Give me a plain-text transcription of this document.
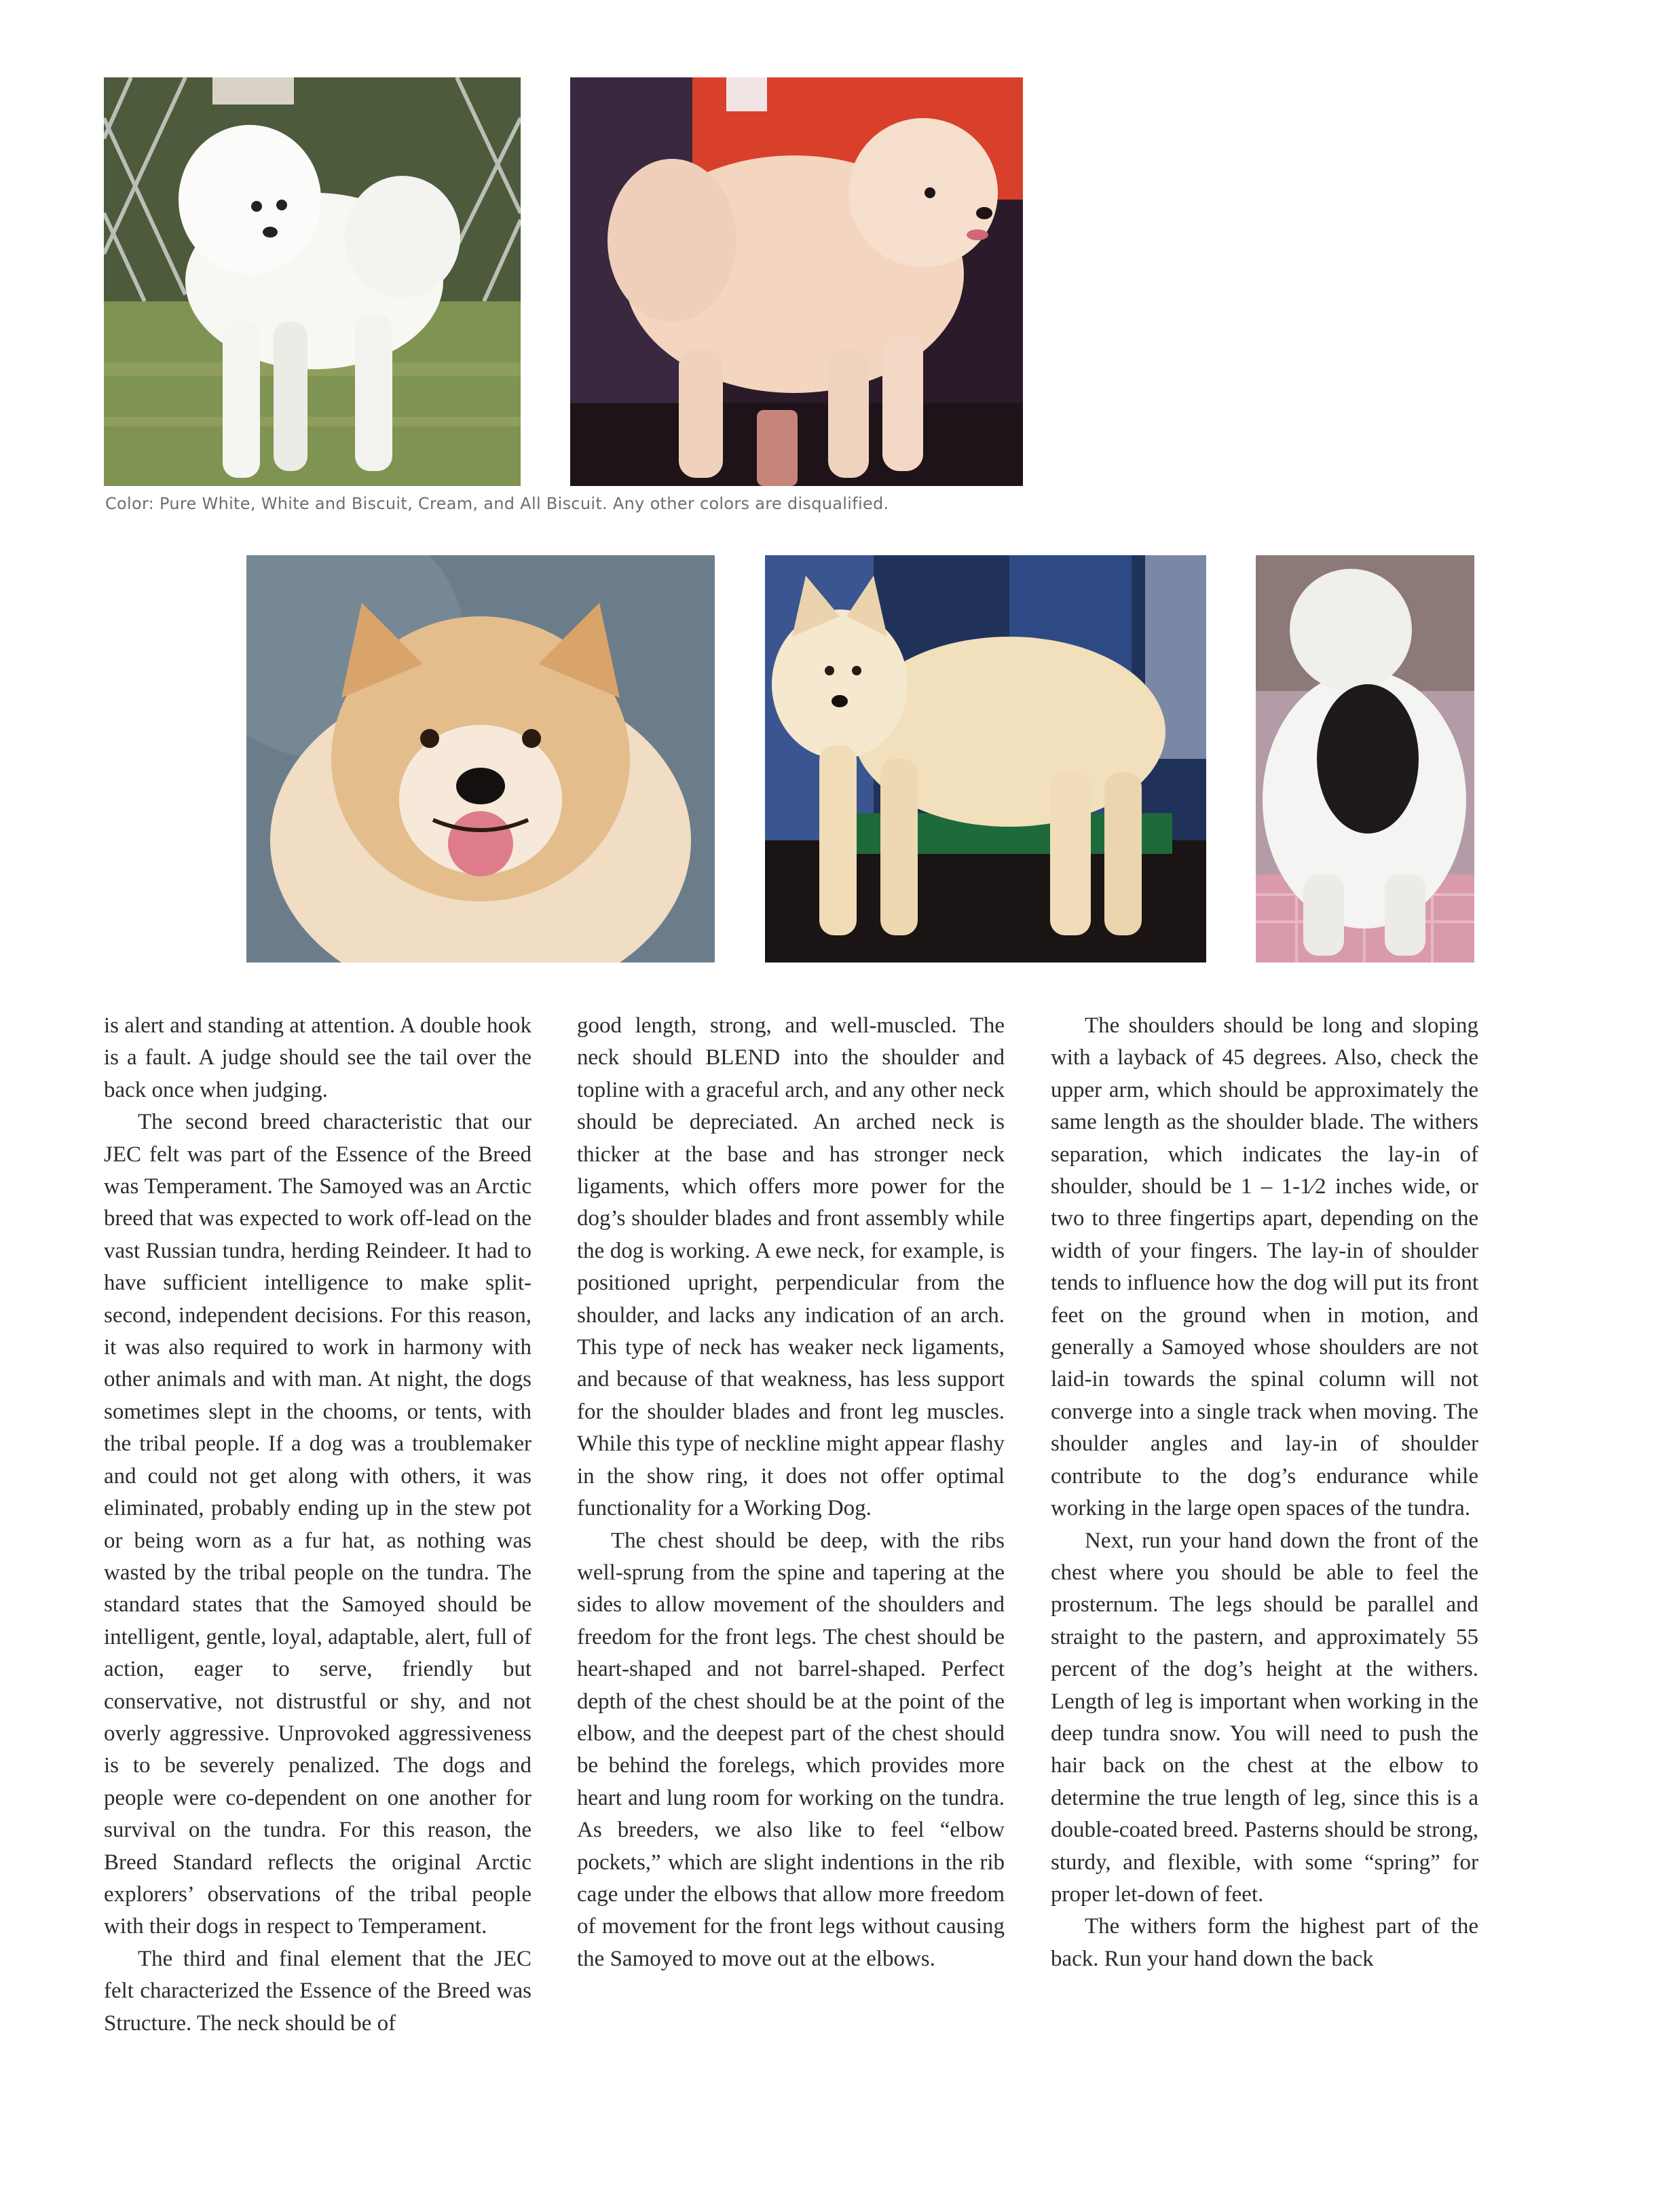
Color: Pure White, White and Biscuit, Cream, and All Biscuit. Any other colors are disqualified.

is alert and standing at attention. A double hook is a fault. A judge should see the tail over the back once when judging.

The second breed characteristic that our JEC felt was part of the Essence of the Breed was Temperament. The Samoyed was an Arctic breed that was expected to work off-lead on the vast Russian tundra, herding Reindeer. It had to have sufficient intelligence to make split-second, independent decisions. For this reason, it was also required to work in harmony with other animals and with man. At night, the dogs sometimes slept in the chooms, or tents, with the tribal people. If a dog was a troublemaker and could not get along with others, it was eliminated, probably ending up in the stew pot or being worn as a fur hat, as nothing was wasted by the tribal people on the tundra. The standard states that the Samoyed should be intelligent, gentle, loyal, adaptable, alert, full of action, eager to serve, friendly but conservative, not distrustful or shy, and not overly aggressive. Unprovoked aggressiveness is to be severely penalized. The dogs and people were co-dependent on one another for survival on the tundra. For this reason, the Breed Standard reflects the original Arctic explorers’ observations of the tribal people with their dogs in respect to Temperament.

The third and final element that the JEC felt characterized the Essence of the Breed was Structure. The neck should be of

good length, strong, and well-muscled. The neck should BLEND into the shoulder and topline with a graceful arch, and any other neck should be depreciated. An arched neck is thicker at the base and has stronger neck ligaments, which offers more power for the dog’s shoulder blades and front assembly while the dog is working. A ewe neck, for example, is positioned upright, perpendicular from the shoulder, and lacks any indication of an arch. This type of neck has weaker neck ligaments, and because of that weakness, has less support for the shoulder blades and front leg muscles. While this type of neckline might appear flashy in the show ring, it does not offer optimal functionality for a Working Dog.

The chest should be deep, with the ribs well-sprung from the spine and tapering at the sides to allow movement of the shoulders and freedom for the front legs. The chest should be heart-shaped and not barrel-shaped. Perfect depth of the chest should be at the point of the elbow, and the deepest part of the chest should be behind the forelegs, which provides more heart and lung room for working on the tundra. As breeders, we also like to feel “elbow pockets,” which are slight indentions in the rib cage under the elbows that allow more freedom of movement for the front legs without causing the Samoyed to move out at the elbows.

The shoulders should be long and sloping with a layback of 45 degrees. Also, check the upper arm, which should be approximately the same length as the shoulder blade. The withers separation, which indicates the lay-in of shoulder, should be 1 – 1-1⁄2 inches wide, or two to three fingertips apart, depending on the width of your fingers. The lay-in of shoulder tends to influence how the dog will put its front feet on the ground when in motion, and generally a Samoyed whose shoulders are not laid-in towards the spinal column will not converge into a single track when moving. The shoulder angles and lay-in of shoulder contribute to the dog’s endurance while working in the large open spaces of the tundra.

Next, run your hand down the front of the chest where you should be able to feel the prosternum. The legs should be parallel and straight to the pastern, and approximately 55 percent of the dog’s height at the withers. Length of leg is important when working in the deep tundra snow. You will need to push the hair back on the chest at the elbow to determine the true length of leg, since this is a double-coated breed. Pasterns should be strong, sturdy, and flexible, with some “spring” for proper let-down of feet.

The withers form the highest part of the back. Run your hand down the back
